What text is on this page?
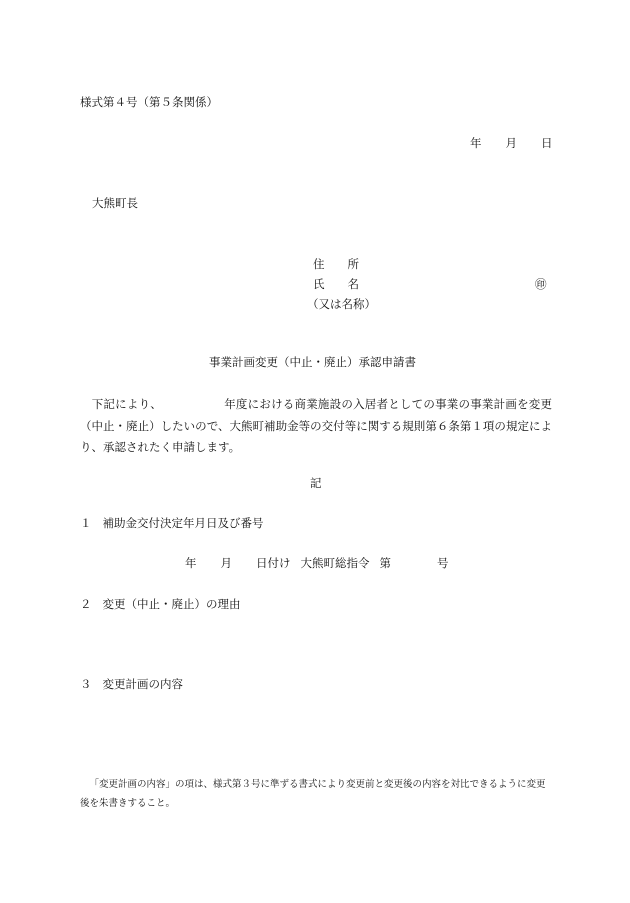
様式第４号（第５条関係）
年 月 日
大熊町長
住　　所
氏　　名	㊞
（又は名称）
事業計画変更（中止・廃止）承認申請書
下記により、	年度における商業施設の入居者としての事業の事業計画を変更（中止・廃止）したいので、大熊町補助金等の交付等に関する規則第６条第１項の規定により、承認されたく申請します。
記
１ 補助金交付決定年月日及び番号
年 月 日付け 大熊町総指令 第	号
２ 変更（中止・廃止）の理由
３ 変更計画の内容
「変更計画の内容」の項は、様式第３号に準ずる書式により変更前と変更後の内容を対比できるように変更後を朱書きすること。
